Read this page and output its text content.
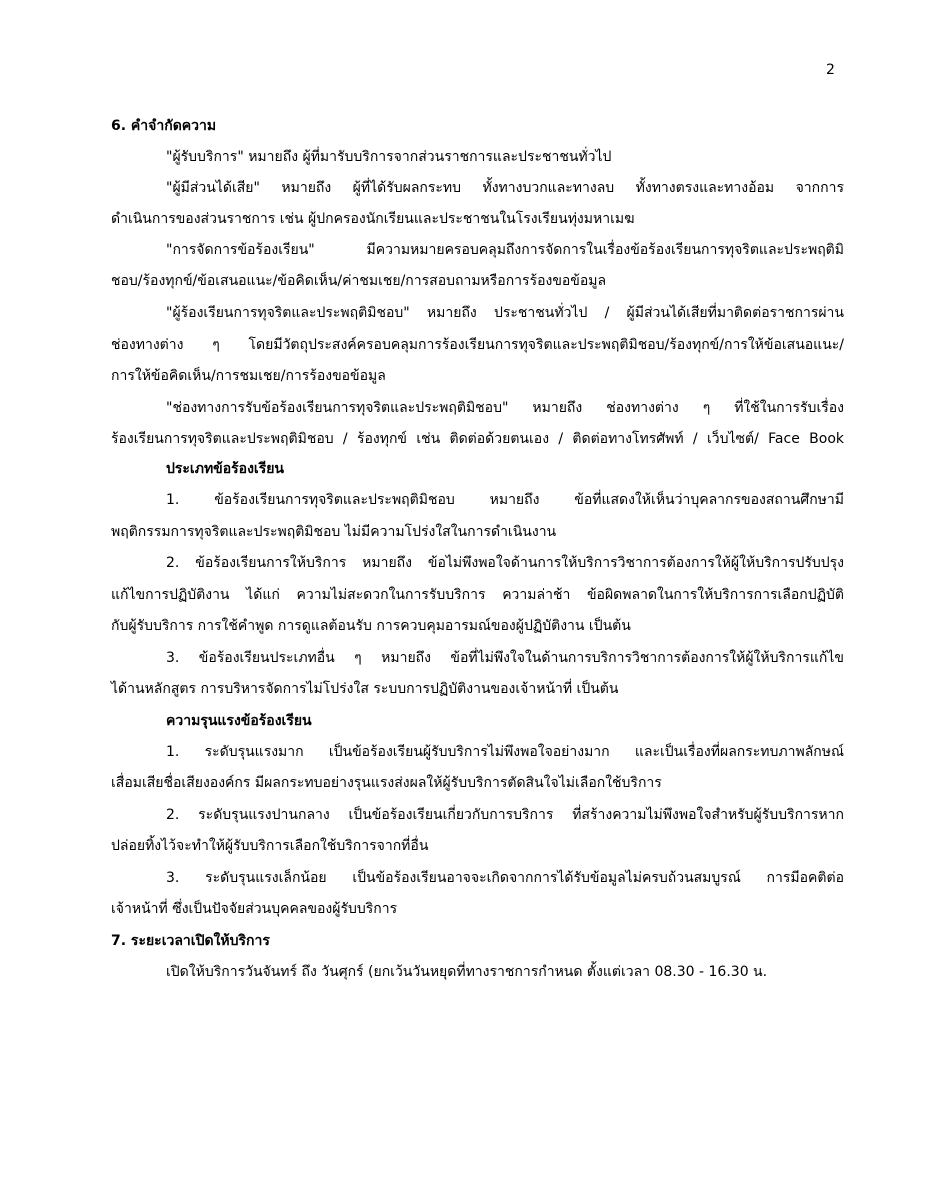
2

6. คำจำกัดความ

"ผู้รับบริการ" หมายถึง ผู้ที่มารับบริการจากส่วนราชการและประชาชนทั่วไป

"ผู้มีส่วนได้เสีย" หมายถึง ผู้ที่ได้รับผลกระทบ ทั้งทางบวกและทางลบ ทั้งทางตรงและทางอ้อม จากการ

ดำเนินการของส่วนราชการ เช่น ผู้ปกครองนักเรียนและประชาชนในโรงเรียนทุ่งมหาเมฆ

"การจัดการข้อร้องเรียน" มีความหมายครอบคลุมถึงการจัดการในเรื่องข้อร้องเรียนการทุจริตและประพฤติมิ

ชอบ/ร้องทุกข์/ข้อเสนอแนะ/ข้อคิดเห็น/ค่าชมเชย/การสอบถามหรือการร้องขอข้อมูล

"ผู้ร้องเรียนการทุจริตและประพฤติมิชอบ" หมายถึง ประชาชนทั่วไป / ผู้มีส่วนได้เสียที่มาติดต่อราชการผ่าน

ช่องทางต่าง ๆ โดยมีวัตถุประสงค์ครอบคลุมการร้องเรียนการทุจริตและประพฤติมิชอบ/ร้องทุกข์/การให้ข้อเสนอแนะ/

การให้ข้อคิดเห็น/การชมเชย/การร้องขอข้อมูล

"ช่องทางการรับข้อร้องเรียนการทุจริตและประพฤติมิชอบ" หมายถึง ช่องทางต่าง ๆ ที่ใช้ในการรับเรื่อง

ร้องเรียนการทุจริตและประพฤติมิชอบ / ร้องทุกข์ เช่น ติดต่อด้วยตนเอง / ติดต่อทางโทรศัพท์ / เว็บไซต์/ Face Book

ประเภทข้อร้องเรียน

1. ข้อร้องเรียนการทุจริตและประพฤติมิชอบ หมายถึง ข้อที่แสดงให้เห็นว่าบุคลากรของสถานศึกษามี

พฤติกรรมการทุจริตและประพฤติมิชอบ ไม่มีความโปร่งใสในการดำเนินงาน

2. ข้อร้องเรียนการให้บริการ หมายถึง ข้อไม่พึงพอใจด้านการให้บริการวิชาการต้องการให้ผู้ให้บริการปรับปรุง

แก้ไขการปฏิบัติงาน ได้แก่ ความไม่สะดวกในการรับบริการ ความล่าช้า ข้อผิดพลาดในการให้บริการการเลือกปฏิบัติ

กับผู้รับบริการ การใช้คำพูด การดูแลต้อนรับ การควบคุมอารมณ์ของผู้ปฏิบัติงาน เป็นต้น

3. ข้อร้องเรียนประเภทอื่น ๆ หมายถึง ข้อที่ไม่พึงใจในด้านการบริการวิชาการต้องการให้ผู้ให้บริการแก้ไข

ได้านหลักสูตร การบริหารจัดการไม่โปร่งใส ระบบการปฏิบัติงานของเจ้าหน้าที่ เป็นต้น

ความรุนแรงข้อร้องเรียน

1. ระดับรุนแรงมาก เป็นข้อร้องเรียนผู้รับบริการไม่พึงพอใจอย่างมาก และเป็นเรื่องที่ผลกระทบภาพลักษณ์

เสื่อมเสียชื่อเสียงองค์กร มีผลกระทบอย่างรุนแรงส่งผลให้ผู้รับบริการตัดสินใจไม่เลือกใช้บริการ

2. ระดับรุนแรงปานกลาง เป็นข้อร้องเรียนเกี่ยวกับการบริการ ที่สร้างความไม่พึงพอใจสำหรับผู้รับบริการหาก

ปล่อยทิ้งไว้จะทำให้ผู้รับบริการเลือกใช้บริการจากที่อื่น

3. ระดับรุนแรงเล็กน้อย เป็นข้อร้องเรียนอาจจะเกิดจากการได้รับข้อมูลไม่ครบถ้วนสมบูรณ์ การมีอคติต่อ

เจ้าหน้าที่ ซึ่งเป็นปัจจัยส่วนบุคคลของผู้รับบริการ

7. ระยะเวลาเปิดให้บริการ

เปิดให้บริการวันจันทร์ ถึง วันศุกร์ (ยกเว้นวันหยุดที่ทางราชการกำหนด ตั้งแต่เวลา 08.30 - 16.30 น.
